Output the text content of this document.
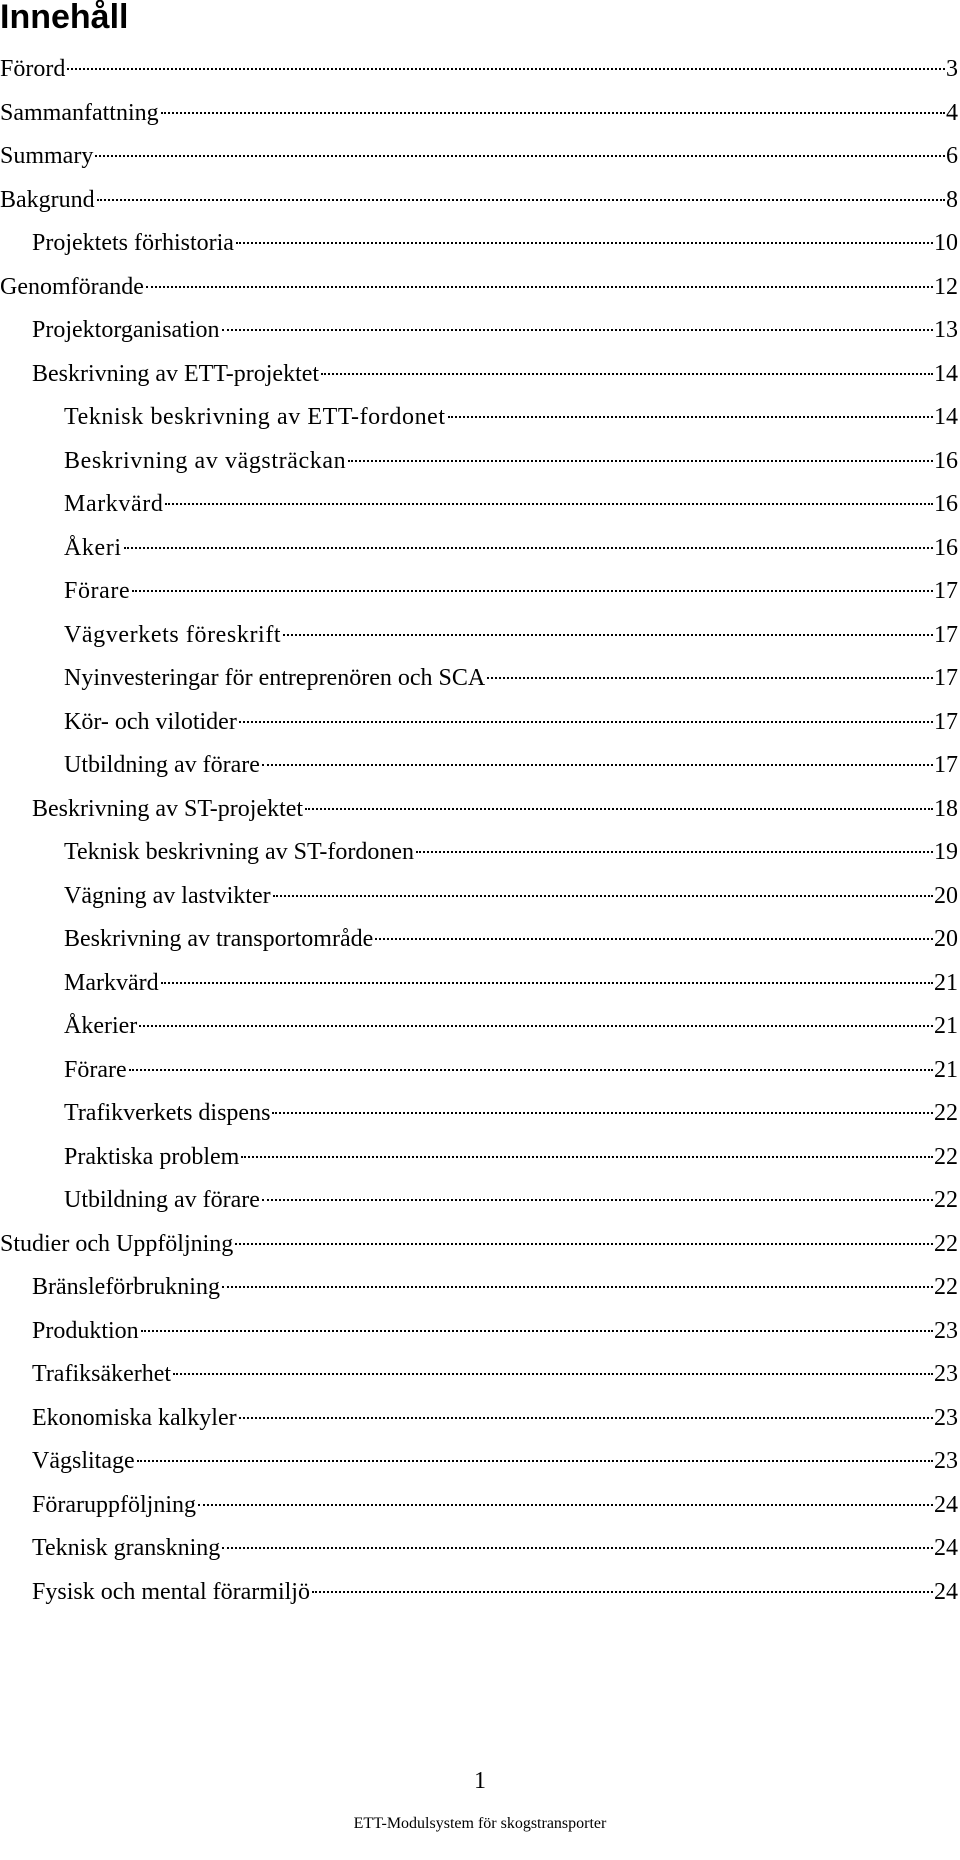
Innehåll
Förord	3
Sammanfattning	4
Summary	6
Bakgrund	8
Projektets förhistoria	10
Genomförande	12
Projektorganisation	13
Beskrivning av ETT-projektet	14
Teknisk beskrivning av ETT-fordonet	14
Beskrivning av vägsträckan	16
Markvärd	16
Åkeri	16
Förare	17
Vägverkets föreskrift	17
Nyinvesteringar för entreprenören och SCA	17
Kör- och vilotider	17
Utbildning av förare	17
Beskrivning av ST-projektet	18
Teknisk beskrivning av ST-fordonen	19
Vägning av lastvikter	20
Beskrivning av transportområde	20
Markvärd	21
Åkerier	21
Förare	21
Trafikverkets dispens	22
Praktiska problem	22
Utbildning av förare	22
Studier och Uppföljning	22
Bränsleförbrukning	22
Produktion	23
Trafiksäkerhet	23
Ekonomiska kalkyler	23
Vägslitage	23
Föraruppföljning	24
Teknisk granskning	24
Fysisk och mental förarmiljö	24
1
ETT-Modulsystem för skogstransporter
